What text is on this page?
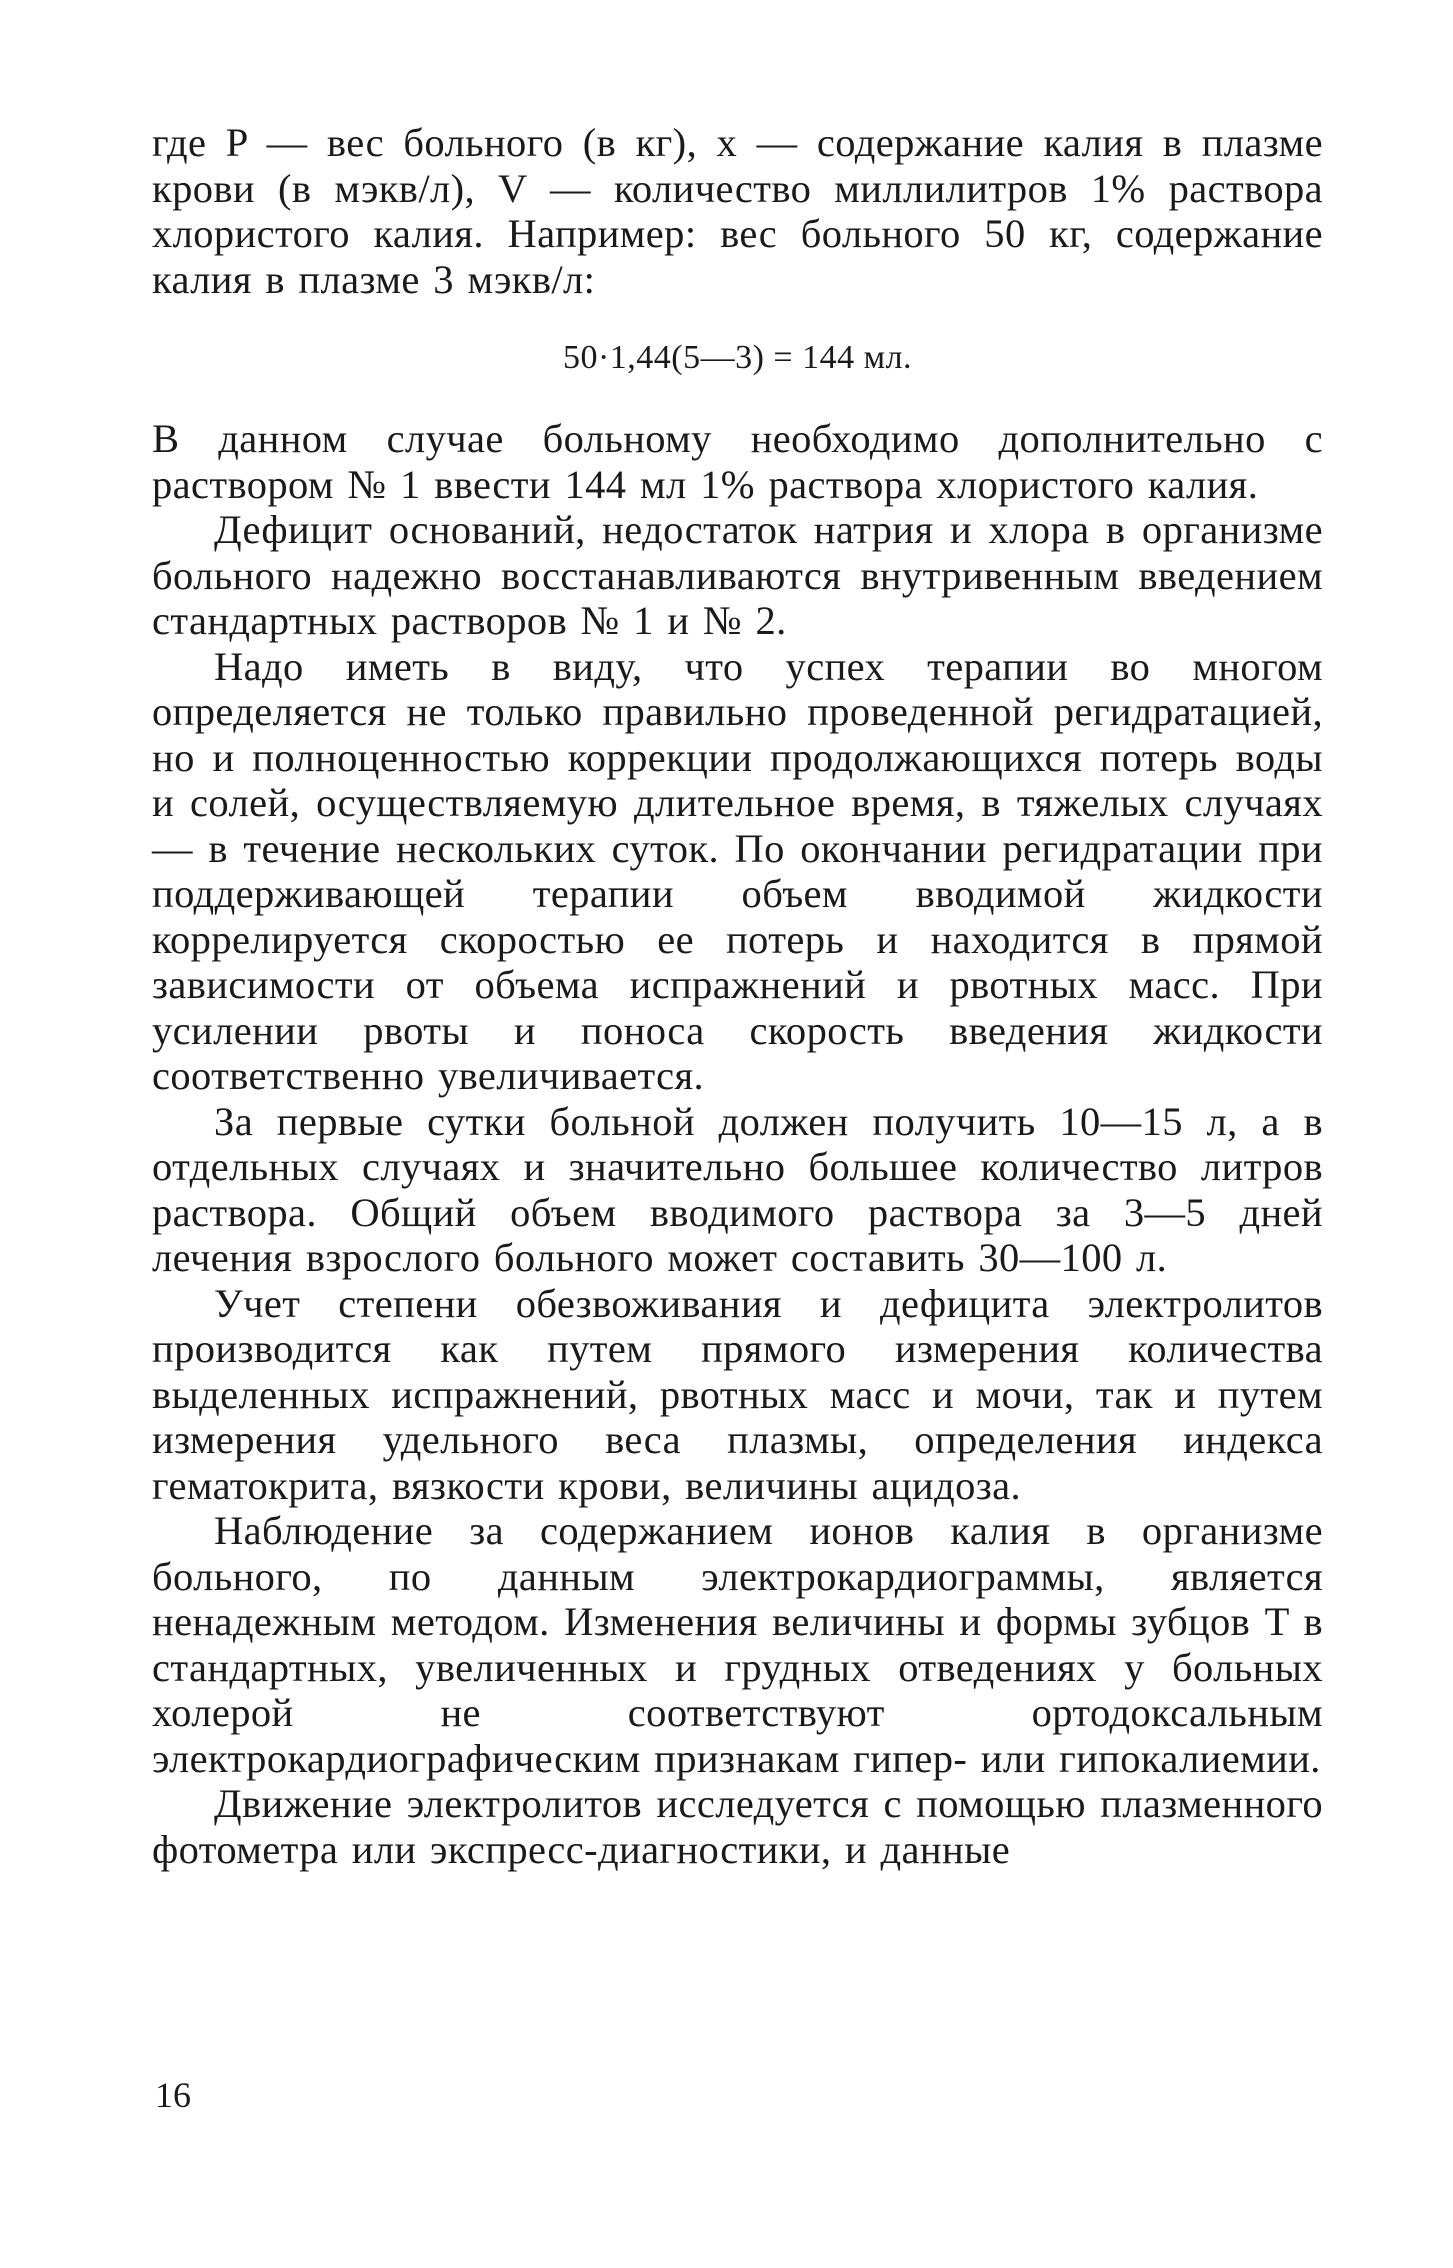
где P — вес больного (в кг), x — содержание калия в плазме крови (в мэкв/л), V — количество миллилитров 1% раствора хлористого калия. Например: вес больного 50 кг, содержание калия в плазме 3 мэкв/л:

50·1,44(5—3) = 144 мл.

В данном случае больному необходимо дополнительно с раствором № 1 ввести 144 мл 1% раствора хлористого калия.

Дефицит оснований, недостаток натрия и хлора в организме больного надежно восстанавливаются внутривенным введением стандартных растворов № 1 и № 2.

Надо иметь в виду, что успех терапии во многом определяется не только правильно проведенной регидратацией, но и полноценностью коррекции продолжающихся потерь воды и солей, осуществляемую длительное время, в тяжелых случаях — в течение нескольких суток. По окончании регидратации при поддерживающей терапии объем вводимой жидкости коррелируется скоростью ее потерь и находится в прямой зависимости от объема испражнений и рвотных масс. При усилении рвоты и поноса скорость введения жидкости соответственно увеличивается.

За первые сутки больной должен получить 10—15 л, а в отдельных случаях и значительно большее количество литров раствора. Общий объем вводимого раствора за 3—5 дней лечения взрослого больного может составить 30—100 л.

Учет степени обезвоживания и дефицита электролитов производится как путем прямого измерения количества выделенных испражнений, рвотных масс и мочи, так и путем измерения удельного веса плазмы, определения индекса гематокрита, вязкости крови, величины ацидоза.

Наблюдение за содержанием ионов калия в организме больного, по данным электрокардиограммы, является ненадежным методом. Изменения величины и формы зубцов T в стандартных, увеличенных и грудных отведениях у больных холерой не соответствуют ортодоксальным электрокардиографическим признакам гипер- или гипокалиемии.

Движение электролитов исследуется с помощью плазменного фотометра или экспресс-диагностики, и данные

16
